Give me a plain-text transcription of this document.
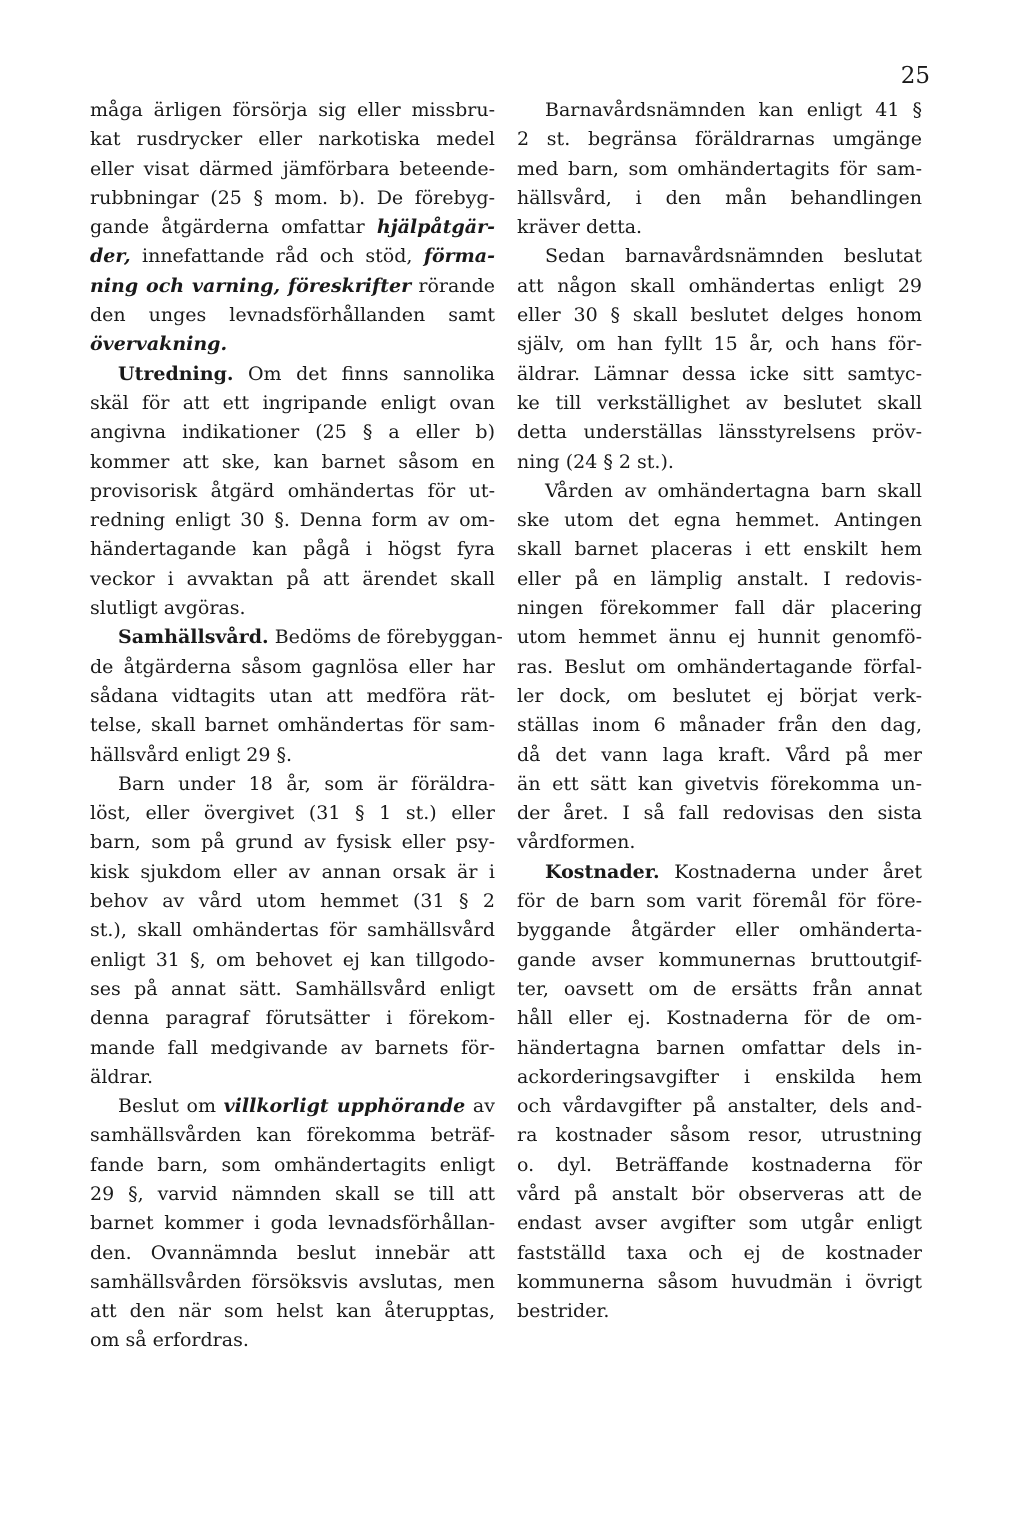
25
måga ärligen försörja sig eller missbru-
kat rusdrycker eller narkotiska medel
eller visat därmed jämförbara beteende-
rubbningar (25 § mom. b). De förebyg-
gande åtgärderna omfattar hjälpåtgär-
der, innefattande råd och stöd, förma-
ning och varning, föreskrifter rörande
den unges levnadsförhållanden samt
övervakning.
Utredning. Om det finns sannolika
skäl för att ett ingripande enligt ovan
angivna indikationer (25 § a eller b)
kommer att ske, kan barnet såsom en
provisorisk åtgärd omhändertas för ut-
redning enligt 30 §. Denna form av om-
händertagande kan pågå i högst fyra
veckor i avvaktan på att ärendet skall
slutligt avgöras.
Samhällsvård. Bedöms de förebyggan-
de åtgärderna såsom gagnlösa eller har
sådana vidtagits utan att medföra rät-
telse, skall barnet omhändertas för sam-
hällsvård enligt 29 §.
Barn under 18 år, som är föräldra-
löst, eller övergivet (31 § 1 st.) eller
barn, som på grund av fysisk eller psy-
kisk sjukdom eller av annan orsak är i
behov av vård utom hemmet (31 § 2
st.), skall omhändertas för samhällsvård
enligt 31 §, om behovet ej kan tillgodo-
ses på annat sätt. Samhällsvård enligt
denna paragraf förutsätter i förekom-
mande fall medgivande av barnets för-
äldrar.
Beslut om villkorligt upphörande av
samhällsvården kan förekomma beträf-
fande barn, som omhändertagits enligt
29 §, varvid nämnden skall se till att
barnet kommer i goda levnadsförhållan-
den. Ovannämnda beslut innebär att
samhällsvården försöksvis avslutas, men
att den när som helst kan återupptas,
om så erfordras.
Barnavårdsnämnden kan enligt 41 §
2 st. begränsa föräldrarnas umgänge
med barn, som omhändertagits för sam-
hällsvård, i den mån behandlingen
kräver detta.
Sedan barnavårdsnämnden beslutat
att någon skall omhändertas enligt 29
eller 30 § skall beslutet delges honom
själv, om han fyllt 15 år, och hans för-
äldrar. Lämnar dessa icke sitt samtyc-
ke till verkställighet av beslutet skall
detta underställas länsstyrelsens pröv-
ning (24 § 2 st.).
Vården av omhändertagna barn skall
ske utom det egna hemmet. Antingen
skall barnet placeras i ett enskilt hem
eller på en lämplig anstalt. I redovis-
ningen förekommer fall där placering
utom hemmet ännu ej hunnit genomfö-
ras. Beslut om omhändertagande förfal-
ler dock, om beslutet ej börjat verk-
ställas inom 6 månader från den dag,
då det vann laga kraft. Vård på mer
än ett sätt kan givetvis förekomma un-
der året. I så fall redovisas den sista
vårdformen.
Kostnader. Kostnaderna under året
för de barn som varit föremål för före-
byggande åtgärder eller omhänderta-
gande avser kommunernas bruttoutgif-
ter, oavsett om de ersätts från annat
håll eller ej. Kostnaderna för de om-
händertagna barnen omfattar dels in-
ackorderingsavgifter i enskilda hem
och vårdavgifter på anstalter, dels and-
ra kostnader såsom resor, utrustning
o. dyl. Beträffande kostnaderna för
vård på anstalt bör observeras att de
endast avser avgifter som utgår enligt
fastställd taxa och ej de kostnader
kommunerna såsom huvudmän i övrigt
bestrider.
